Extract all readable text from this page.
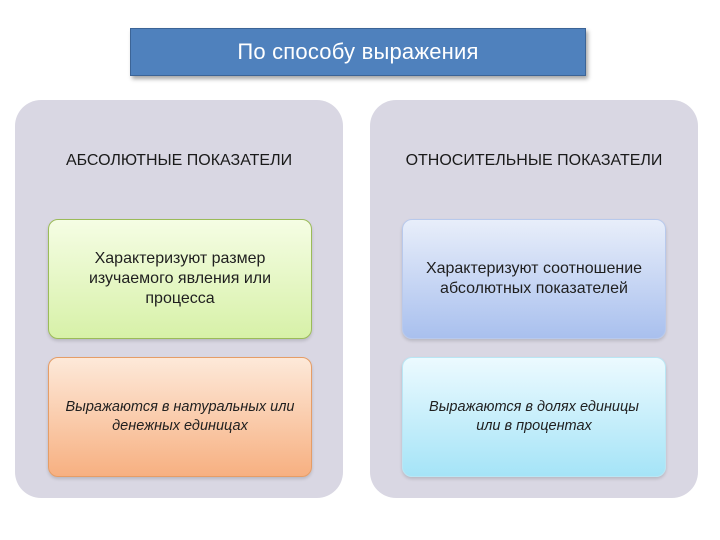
По способу выражения
АБСОЛЮТНЫЕ ПОКАЗАТЕЛИ	ОТНОСИТЕЛЬНЫЕ ПОКАЗАТЕЛИ
Характеризуют размер изучаемого явления или процесса
Выражаются в натуральных или денежных единицах
Характеризуют соотношение абсолютных показателей
Выражаются в долях единицы или в процентах
